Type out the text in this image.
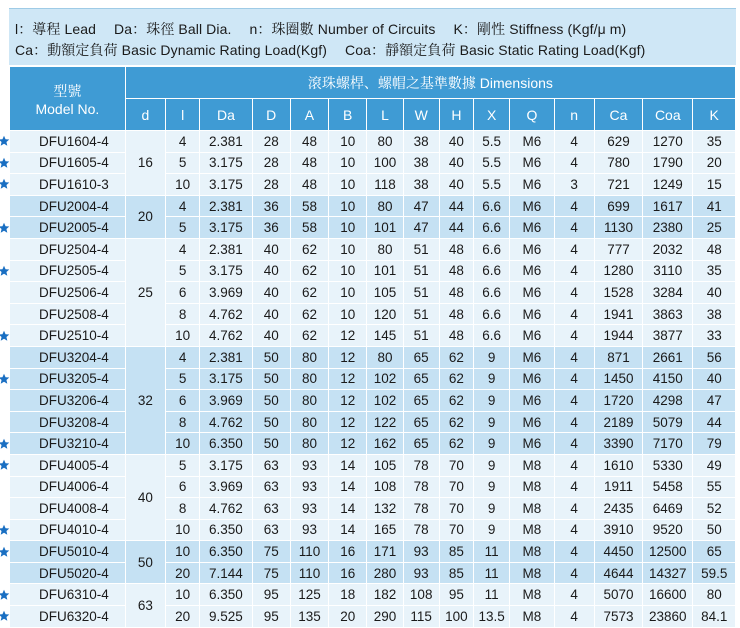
l：導程 Lead Da：珠徑 Ball Dia. n：珠圈數 Number of Circuits K：剛性 Stiffness (Kgf/μ m)
Ca：動額定負荷 Basic Dynamic Rating Load(Kgf) Coa：靜額定負荷 Basic Static Rating Load(Kgf)
型號
Model No.	滾珠螺桿、螺帽之基準數據 Dimensions														
	d	l	Da	D	A	B	L	W	H	X	Q	n	Ca	Coa	K
DFU1604-4	16	4	2.381	28	48	10	80	38	40	5.5	M6	4	629	1270	35
DFU1605-4		5	3.175	28	48	10	100	38	40	5.5	M6	4	780	1790	20
DFU1610-3		10	3.175	28	48	10	118	38	40	5.5	M6	3	721	1249	15
DFU2004-4	20	4	2.381	36	58	10	80	47	44	6.6	M6	4	699	1617	41
DFU2005-4		5	3.175	36	58	10	101	47	44	6.6	M6	4	1130	2380	25
DFU2504-4	25	4	2.381	40	62	10	80	51	48	6.6	M6	4	777	2032	48
DFU2505-4		5	3.175	40	62	10	101	51	48	6.6	M6	4	1280	3110	35
DFU2506-4		6	3.969	40	62	10	105	51	48	6.6	M6	4	1528	3284	40
DFU2508-4		8	4.762	40	62	10	120	51	48	6.6	M6	4	1941	3863	38
DFU2510-4		10	4.762	40	62	12	145	51	48	6.6	M6	4	1944	3877	33
DFU3204-4	32	4	2.381	50	80	12	80	65	62	9	M6	4	871	2661	56
DFU3205-4		5	3.175	50	80	12	102	65	62	9	M6	4	1450	4150	40
DFU3206-4		6	3.969	50	80	12	102	65	62	9	M6	4	1720	4298	47
DFU3208-4		8	4.762	50	80	12	122	65	62	9	M6	4	2189	5079	44
DFU3210-4		10	6.350	50	80	12	162	65	62	9	M6	4	3390	7170	79
DFU4005-4	40	5	3.175	63	93	14	105	78	70	9	M8	4	1610	5330	49
DFU4006-4		6	3.969	63	93	14	108	78	70	9	M8	4	1911	5458	55
DFU4008-4		8	4.762	63	93	14	132	78	70	9	M8	4	2435	6469	52
DFU4010-4		10	6.350	63	93	14	165	78	70	9	M8	4	3910	9520	50
DFU5010-4	50	10	6.350	75	110	16	171	93	85	11	M8	4	4450	12500	65
DFU5020-4		20	7.144	75	110	16	280	93	85	11	M8	4	4644	14327	59.5
DFU6310-4	63	10	6.350	95	125	18	182	108	95	11	M8	4	5070	16600	80
DFU6320-4		20	9.525	95	135	20	290	115	100	13.5	M8	4	7573	23860	84.1
